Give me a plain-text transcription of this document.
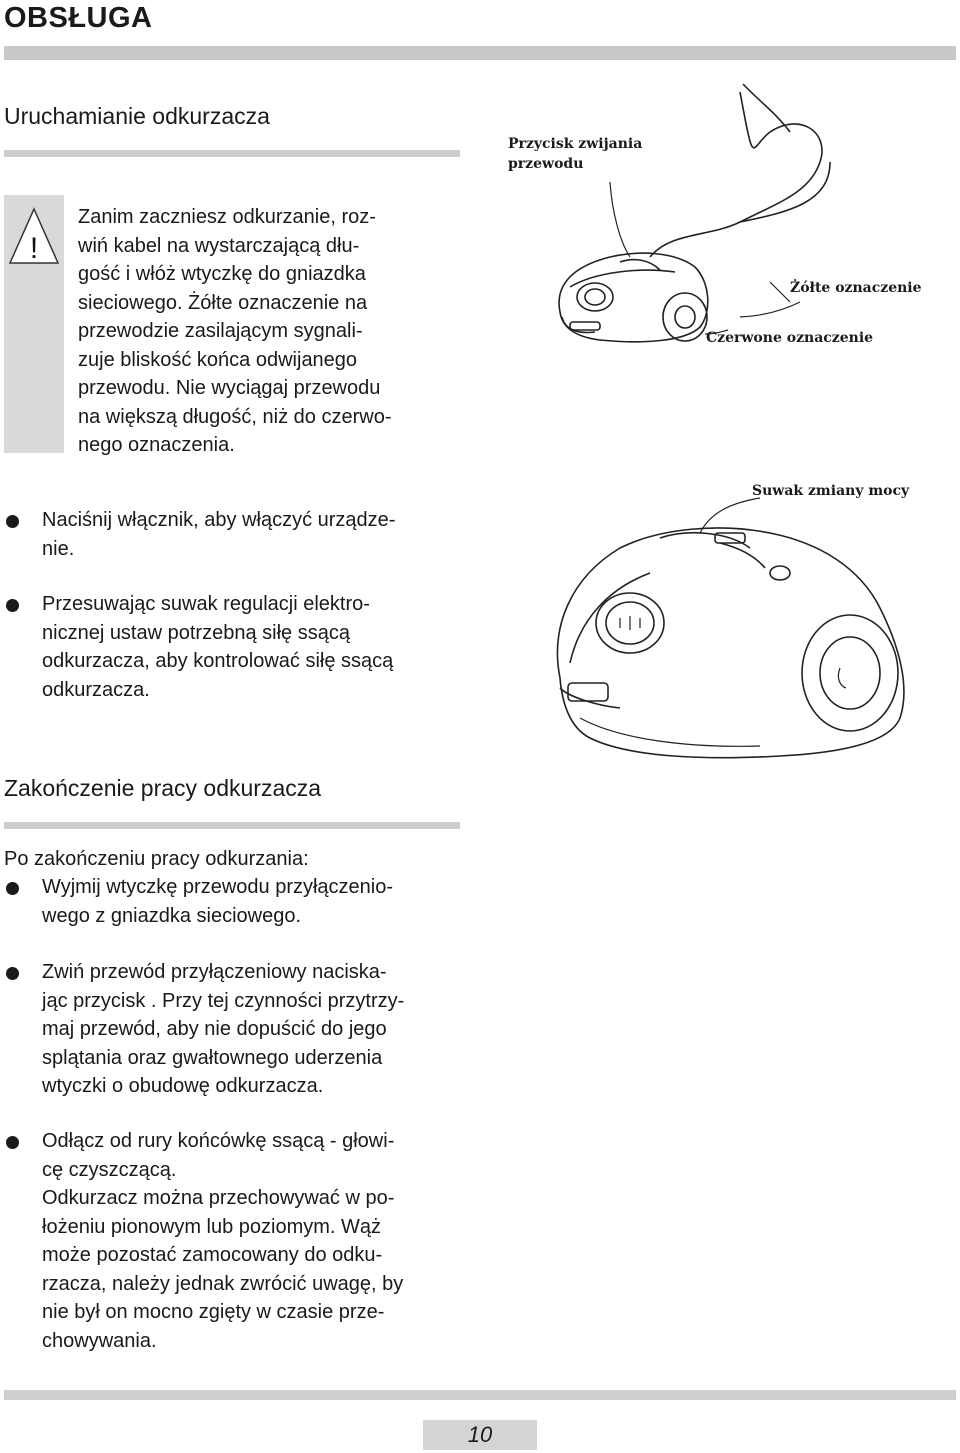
OBSŁUGA
Uruchamianie odkurzacza
!
Zanim zaczniesz odkurzanie, roz-
wiń kabel na wystarczającą dłu-
gość i włóż wtyczkę do gniazdka
sieciowego. Żółte oznaczenie na
przewodzie zasilającym sygnali-
zuje bliskość końca odwijanego
przewodu. Nie wyciągaj przewodu
na większą długość, niż do czerwo-
nego oznaczenia.
Naciśnij włącznik, aby włączyć urządze-
nie.
Przesuwając suwak regulacji elektro-
nicznej ustaw potrzebną siłę ssącą
odkurzacza, aby kontrolować siłę ssącą
odkurzacza.
Przycisk zwijania
przewodu
Żółte oznaczenie
Czerwone oznaczenie
Suwak zmiany mocy
Zakończenie pracy odkurzacza
Po zakończeniu pracy odkurzania:
Wyjmij wtyczkę przewodu przyłączenio-
wego z gniazdka sieciowego.
Zwiń przewód przyłączeniowy naciska-
jąc przycisk . Przy tej czynności przytrzy-
maj przewód, aby nie dopuścić do jego
splątania oraz gwałtownego uderzenia
wtyczki o obudowę odkurzacza.
Odłącz od rury końcówkę ssącą - głowi-
cę czyszczącą.
Odkurzacz można przechowywać w po-
łożeniu pionowym lub poziomym. Wąż
może pozostać zamocowany do odku-
rzacza, należy jednak zwrócić uwagę, by
nie był on mocno zgięty w czasie prze-
chowywania.
10
